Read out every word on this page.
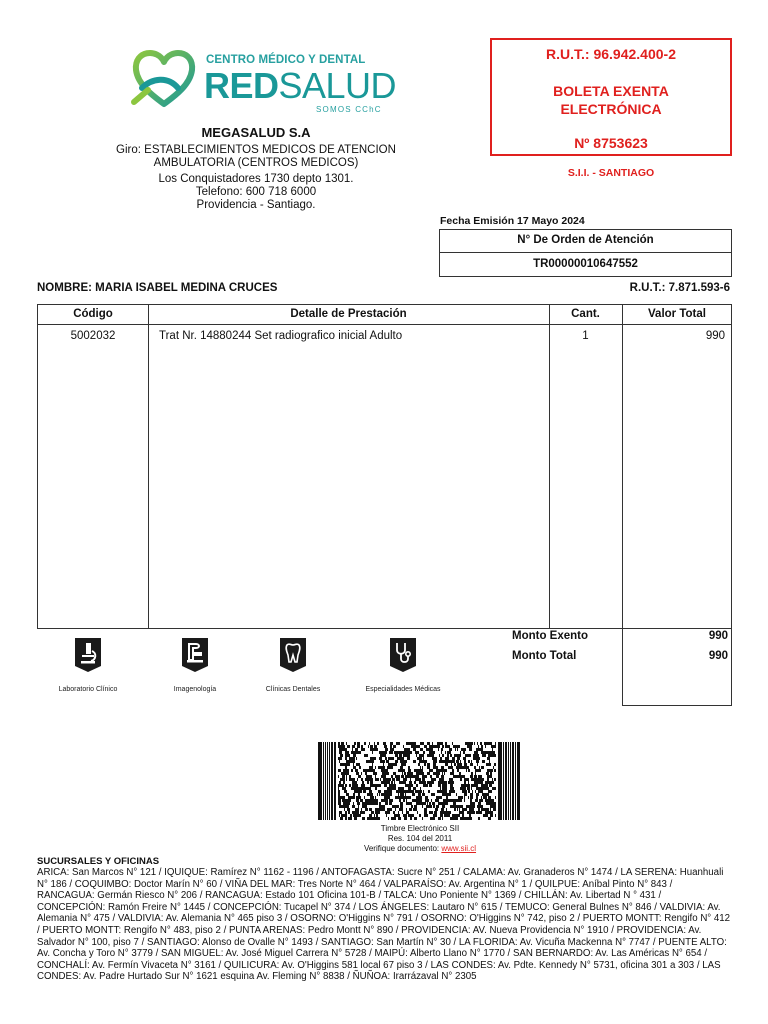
CENTRO MÉDICO Y DENTAL
REDSALUD
SOMOS CChC
MEGASALUD S.A
Giro: ESTABLECIMIENTOS MEDICOS DE ATENCION AMBULATORIA (CENTROS MEDICOS)
Los Conquistadores 1730 depto 1301.
Telefono: 600 718 6000
Providencia - Santiago.
R.U.T.: 96.942.400-2
BOLETA EXENTA
ELECTRÓNICA
Nº 8753623
S.I.I. - SANTIAGO
Fecha Emisión 17 Mayo 2024
N° De Orden de Atención
TR00000010647552
NOMBRE: MARIA ISABEL MEDINA CRUCES	R.U.T.: 7.871.593-6
Código	Detalle de Prestación	Cant.	Valor Total
5002032	Trat Nr. 14880244 Set radiografico inicial Adulto	1	990
Monto Exento	990
Monto Total	990
Laboratorio Clínico	Imagenología	Clínicas Dentales	Especialidades Médicas
Timbre Electrónico SII
Res. 104 del 2011
Verifique documento: www.sii.cl
SUCURSALES Y OFICINAS
ARICA: San Marcos N° 121 / IQUIQUE: Ramírez N° 1162 - 1196 / ANTOFAGASTA: Sucre N° 251 / CALAMA: Av. Granaderos N° 1474 / LA SERENA: Huanhuali N° 186 / COQUIMBO: Doctor Marín N° 60 / VIÑA DEL MAR: Tres Norte N° 464 / VALPARAÍSO: Av. Argentina N° 1 / QUILPUE: Aníbal Pinto N° 843 / RANCAGUA: Germán Riesco N° 206 / RANCAGUA: Estado 101 Oficina 101-B / TALCA: Uno Poniente N° 1369 / CHILLÁN: Av. Libertad N ° 431 / CONCEPCIÓN: Ramón Freire N° 1445 / CONCEPCIÓN: Tucapel N° 374 / LOS ÁNGELES: Lautaro N° 615 / TEMUCO: General Bulnes N° 846 / VALDIVIA: Av. Alemania N° 475 / VALDIVIA: Av. Alemania N° 465 piso 3 / OSORNO: O'Higgins N° 791 / OSORNO: O'Higgins N° 742, piso 2 / PUERTO MONTT: Rengifo N° 412 / PUERTO MONTT: Rengifo N° 483, piso 2 / PUNTA ARENAS: Pedro Montt N° 890 / PROVIDENCIA: AV. Nueva Providencia N° 1910 / PROVIDENCIA: Av. Salvador N° 100, piso 7 / SANTIAGO: Alonso de Ovalle N° 1493 / SANTIAGO: San Martín N° 30 / LA FLORIDA: Av. Vicuña Mackenna N° 7747 / PUENTE ALTO: Av. Concha y Toro N° 3779 / SAN MIGUEL: Av. José Miguel Carrera N° 5728 / MAIPÚ: Alberto Llano N° 1770 / SAN BERNARDO: Av. Las Américas N° 654 / CONCHALÍ: Av. Fermín Vivaceta N° 3161 / QUILICURA: Av. O'Higgins 581 local 67 piso 3 / LAS CONDES: Av. Pdte. Kennedy N° 5731, oficina 301 a 303 / LAS CONDES: Av. Padre Hurtado Sur N° 1621 esquina Av. Fleming N° 8838 / ÑUÑOA: Irarrázaval N° 2305
